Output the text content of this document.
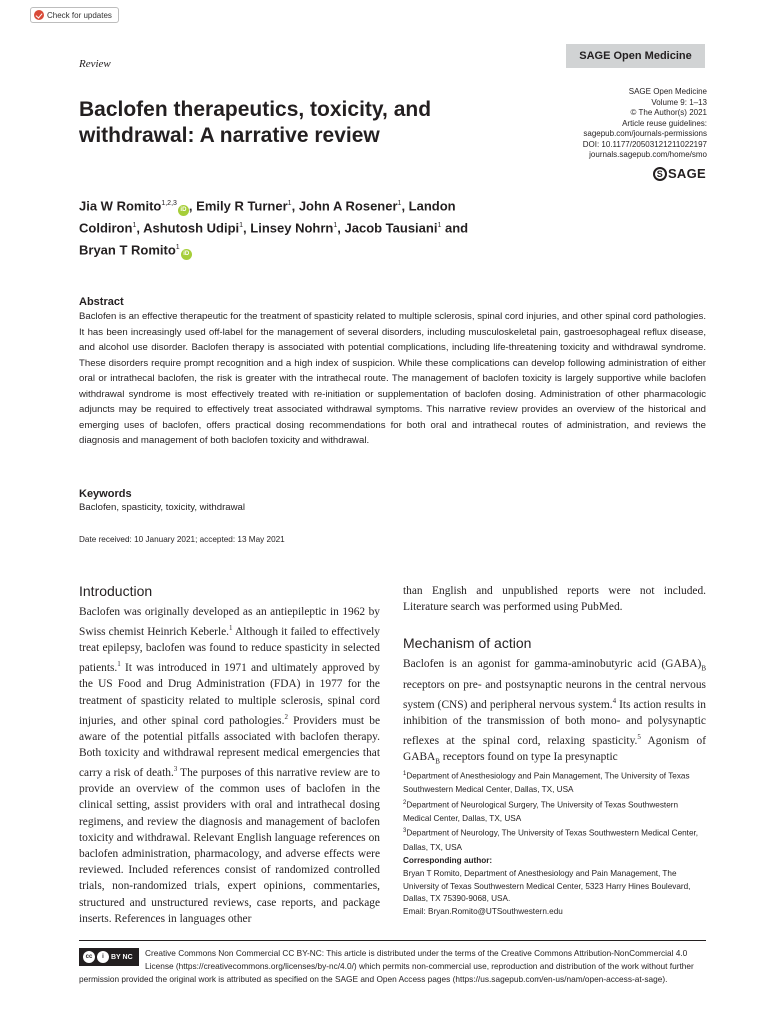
Check for updates
SAGE Open Medicine
Review
Baclofen therapeutics, toxicity, and withdrawal: A narrative review
SAGE Open Medicine
Volume 9: 1–13
© The Author(s) 2021
Article reuse guidelines:
sagepub.com/journals-permissions
DOI: 10.1177/20503121211022197
journals.sagepub.com/home/smo
S SAGE
Jia W Romito$^{1,2,3}$iD , Emily R Turner$^1$, John A Rosener$^1$, Landon Coldiron$^1$, Ashutosh Udipi$^1$, Linsey Nohrn$^1$, Jacob Tausiani$^1$ and Bryan T Romito$^1$iD
Abstract

Baclofen is an effective therapeutic for the treatment of spasticity related to multiple sclerosis, spinal cord injuries, and other spinal cord pathologies. It has been increasingly used off-label for the management of several disorders, including musculoskeletal pain, gastroesophageal reflux disease, and alcohol use disorder. Baclofen therapy is associated with potential complications, including life-threatening toxicity and withdrawal syndrome. These disorders require prompt recognition and a high index of suspicion. While these complications can develop following administration of either oral or intrathecal baclofen, the risk is greater with the intrathecal route. The management of baclofen toxicity is largely supportive while baclofen withdrawal syndrome is most effectively treated with re-initiation or supplementation of baclofen dosing. Administration of other pharmacologic adjuncts may be required to effectively treat associated withdrawal symptoms. This narrative review provides an overview of the historical and emerging uses of baclofen, offers practical dosing recommendations for both oral and intrathecal routes of administration, and reviews the diagnosis and management of both baclofen toxicity and withdrawal.

Keywords

Baclofen, spasticity, toxicity, withdrawal

Date received: 10 January 2021; accepted: 13 May 2021
Introduction

Baclofen was originally developed as an antiepileptic in 1962 by Swiss chemist Heinrich Keberle.$^1$ Although it failed to effectively treat epilepsy, baclofen was found to reduce spasticity in selected patients.$^1$ It was introduced in 1971 and ultimately approved by the US Food and Drug Administration (FDA) in 1977 for the treatment of spasticity related to multiple sclerosis, spinal cord injuries, and other spinal cord pathologies.$^2$ Providers must be aware of the potential pitfalls associated with baclofen therapy. Both toxicity and withdrawal represent medical emergencies that carry a risk of death.$^3$ The purposes of this narrative review are to provide an overview of the common uses of baclofen in the clinical setting, assist providers with oral and intrathecal dosing regimens, and review the diagnosis and management of baclofen toxicity and withdrawal. Relevant English language references on baclofen administration, pharmacology, and adverse effects were reviewed. Included references consist of randomized controlled trials, non-randomized trials, expert opinions, commentaries, structured and unstructured reviews, case reports, and package inserts. References in languages other

than English and unpublished reports were not included. Literature search was performed using PubMed.

Mechanism of action

Baclofen is an agonist for gamma-aminobutyric acid $(GABA)_B$ receptors on pre- and postsynaptic neurons in the central nervous system (CNS) and peripheral nervous system.$^4$ Its action results in inhibition of the transmission of both mono- and polysynaptic reflexes at the spinal cord, relaxing spasticity.$^5$ Agonism of $GABA_B$ receptors found on type Ia presynaptic

$^1$Department of Anesthesiology and Pain Management, The University of Texas Southwestern Medical Center, Dallas, TX, USA
$^2$Department of Neurological Surgery, The University of Texas Southwestern Medical Center, Dallas, TX, USA
$^3$Department of Neurology, The University of Texas Southwestern Medical Center, Dallas, TX, USA
Corresponding author:
Bryan T Romito, Department of Anesthesiology and Pain Management, The University of Texas Southwestern Medical Center, 5323 Harry Hines Boulevard, Dallas, TX 75390-9068, USA.
Email: Bryan.Romito@UTSouthwestern.edu
cc	i	BY NC Creative Commons Non Commercial CC BY-NC: This article is distributed under the terms of the Creative Commons Attribution-NonCommercial 4.0 License (https://creativecommons.org/licenses/by-nc/4.0/) which permits non-commercial use, reproduction and distribution of the work without further permission provided the original work is attributed as specified on the SAGE and Open Access pages (https://us.sagepub.com/en-us/nam/open-access-at-sage).
